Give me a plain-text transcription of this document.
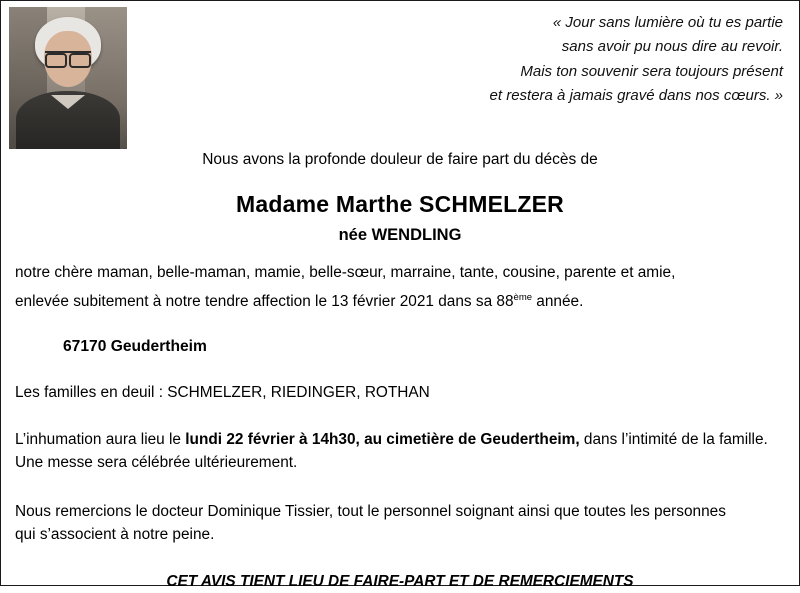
« Jour sans lumière où tu es partie
sans avoir pu nous dire au revoir.
Mais ton souvenir sera toujours présent
et restera à jamais gravé dans nos cœurs. »
Nous avons la profonde douleur de faire part du décès de
Madame Marthe SCHMELZER
née WENDLING
notre chère maman, belle-maman, mamie, belle-sœur, marraine, tante, cousine, parente et amie,
enlevée subitement à notre tendre affection le 13 février 2021 dans sa 88ème année.
67170 Geudertheim
Les familles en deuil : SCHMELZER, RIEDINGER, ROTHAN
L’inhumation aura lieu le lundi 22 février à 14h30, au cimetière de Geudertheim, dans l’intimité de la famille.
Une messe sera célébrée ultérieurement.
Nous remercions le docteur Dominique Tissier, tout le personnel soignant ainsi que toutes les personnes
qui s’associent à notre peine.
CET AVIS TIENT LIEU DE FAIRE-PART ET DE REMERCIEMENTS
